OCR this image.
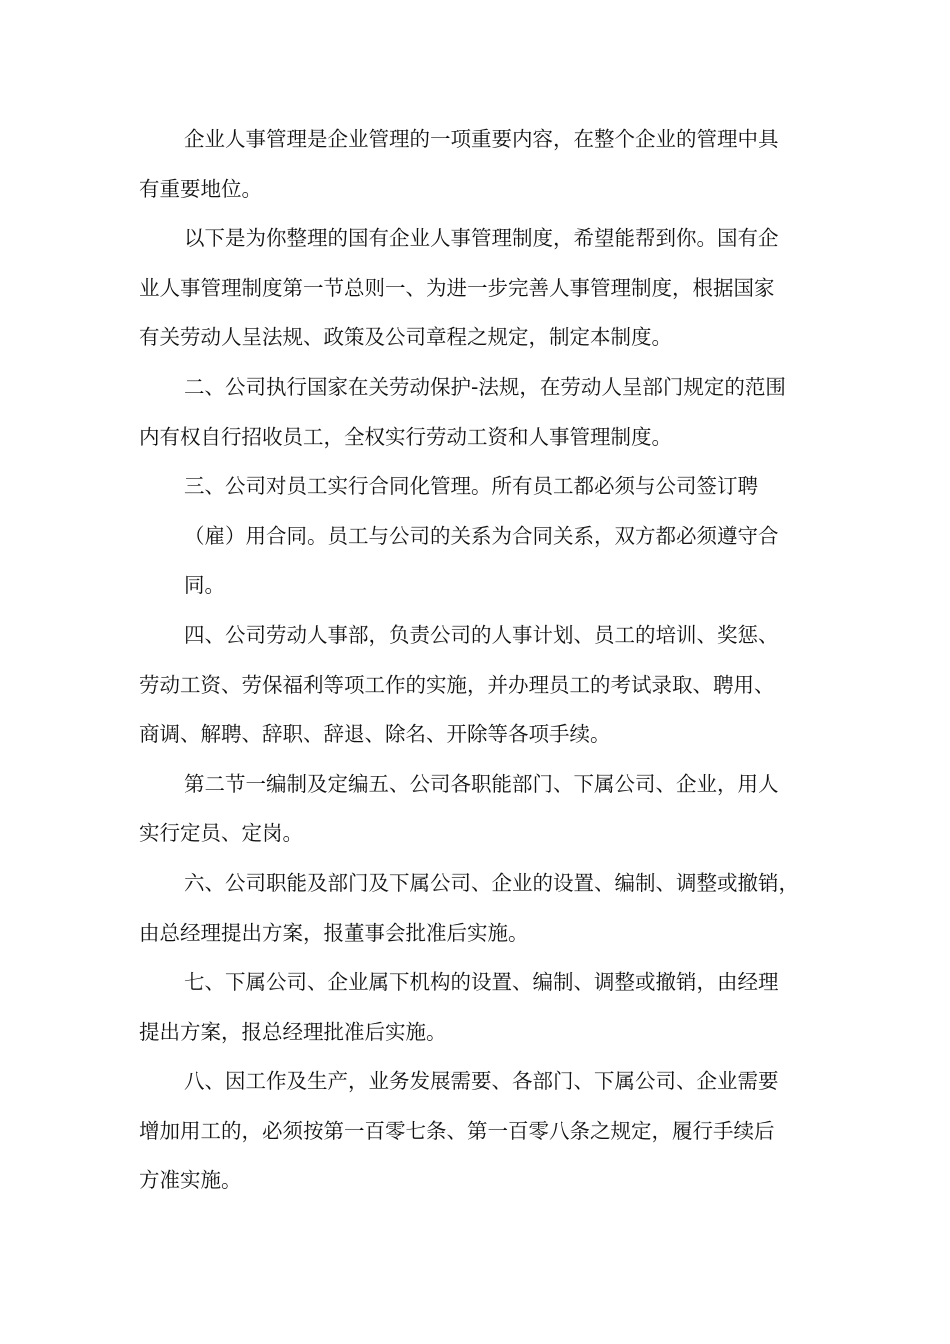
企业人事管理是企业管理的一项重要内容，在整个企业的管理中具
有重要地位。

以下是为你整理的国有企业人事管理制度，希望能帮到你。国有企
业人事管理制度第一节总则一、为进一步完善人事管理制度，根据国家
有关劳动人呈法规、政策及公司章程之规定，制定本制度。

二、公司执行国家在关劳动保护-法规，在劳动人呈部门规定的范围
内有权自行招收员工，全权实行劳动工资和人事管理制度。

三、公司对员工实行合同化管理。所有员工都必须与公司签订聘
（雇）用合同。员工与公司的关系为合同关系，双方都必须遵守合
同。

四、公司劳动人事部，负责公司的人事计划、员工的培训、奖惩、
劳动工资、劳保福利等项工作的实施，并办理员工的考试录取、聘用、
商调、解聘、辞职、辞退、除名、开除等各项手续。

第二节一编制及定编五、公司各职能部门、下属公司、企业，用人
实行定员、定岗。

六、公司职能及部门及下属公司、企业的设置、编制、调整或撤销，
由总经理提出方案，报董事会批准后实施。

七、下属公司、企业属下机构的设置、编制、调整或撤销，由经理
提出方案，报总经理批准后实施。

八、因工作及生产，业务发展需要、各部门、下属公司、企业需要
增加用工的，必须按第一百零七条、第一百零八条之规定，履行手续后
方准实施。
